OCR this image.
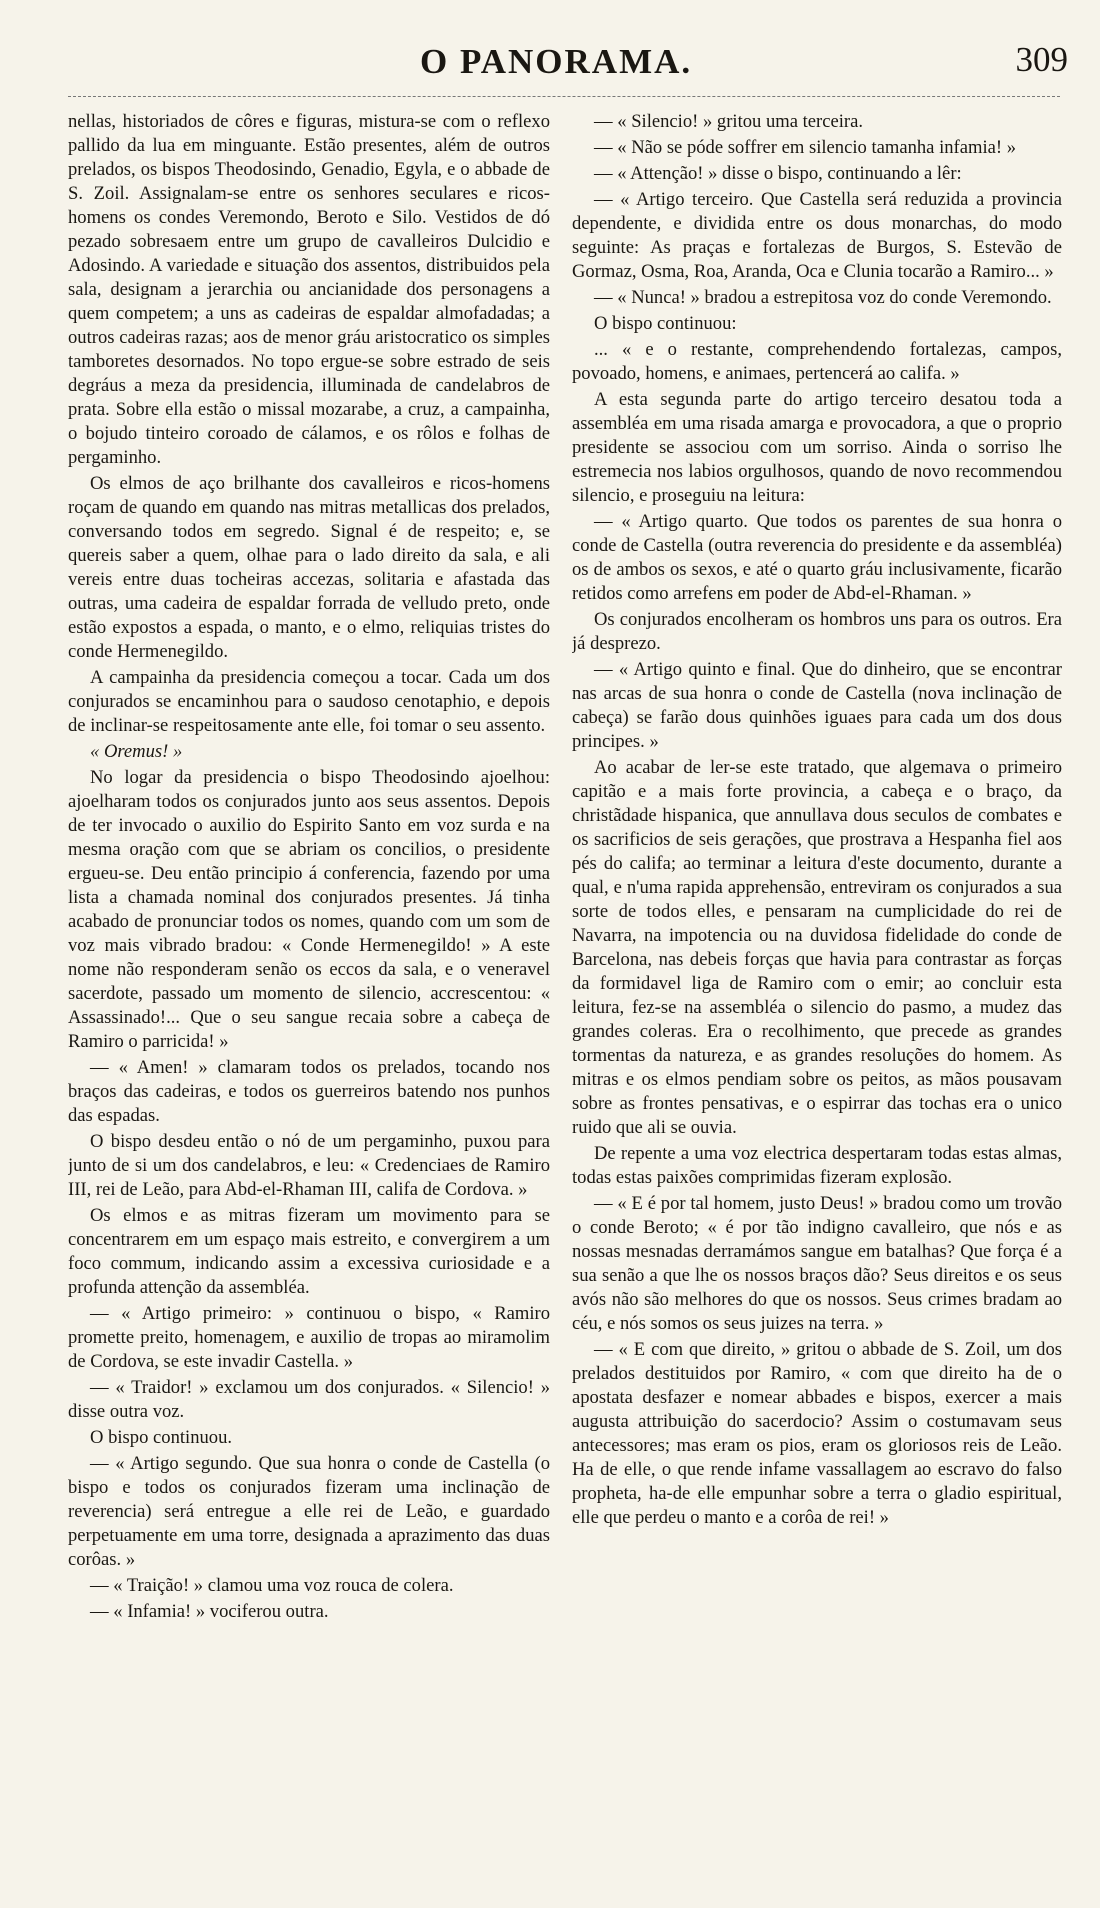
O PANORAMA.	309

nellas, historiados de côres e figuras, mistura-se com o reflexo pallido da lua em minguante. Estão presentes, além de outros prelados, os bispos Theodosindo, Genadio, Egyla, e o abbade de S. Zoil. Assignalam-se entre os senhores seculares e ricos-homens os condes Veremondo, Beroto e Silo. Vestidos de dó pezado sobresaem entre um grupo de cavalleiros Dulcidio e Adosindo. A variedade e situação dos assentos, distribuidos pela sala, designam a jerarchia ou ancianidade dos personagens a quem competem; a uns as cadeiras de espaldar almofadadas; a outros cadeiras razas; aos de menor gráu aristocratico os simples tamboretes desornados. No topo ergue-se sobre estrado de seis degráus a meza da presidencia, illuminada de candelabros de prata. Sobre ella estão o missal mozarabe, a cruz, a campainha, o bojudo tinteiro coroado de cálamos, e os rôlos e folhas de pergaminho.

Os elmos de aço brilhante dos cavalleiros e ricos-homens roçam de quando em quando nas mitras metallicas dos prelados, conversando todos em segredo. Signal é de respeito; e, se quereis saber a quem, olhae para o lado direito da sala, e ali vereis entre duas tocheiras accezas, solitaria e afastada das outras, uma cadeira de espaldar forrada de velludo preto, onde estão expostos a espada, o manto, e o elmo, reliquias tristes do conde Hermenegildo.

A campainha da presidencia começou a tocar. Cada um dos conjurados se encaminhou para o saudoso cenotaphio, e depois de inclinar-se respeitosamente ante elle, foi tomar o seu assento.

« Oremus! »

No logar da presidencia o bispo Theodosindo ajoelhou: ajoelharam todos os conjurados junto aos seus assentos. Depois de ter invocado o auxilio do Espirito Santo em voz surda e na mesma oração com que se abriam os concilios, o presidente ergueu-se. Deu então principio á conferencia, fazendo por uma lista a chamada nominal dos conjurados presentes. Já tinha acabado de pronunciar todos os nomes, quando com um som de voz mais vibrado bradou: « Conde Hermenegildo! » A este nome não responderam senão os eccos da sala, e o veneravel sacerdote, passado um momento de silencio, accrescentou: « Assassinado!... Que o seu sangue recaia sobre a cabeça de Ramiro o parricida! »

— « Amen! » clamaram todos os prelados, tocando nos braços das cadeiras, e todos os guerreiros batendo nos punhos das espadas.

O bispo desdeu então o nó de um pergaminho, puxou para junto de si um dos candelabros, e leu: « Credenciaes de Ramiro III, rei de Leão, para Abd-el-Rhaman III, califa de Cordova. »

Os elmos e as mitras fizeram um movimento para se concentrarem em um espaço mais estreito, e convergirem a um foco commum, indicando assim a excessiva curiosidade e a profunda attenção da assembléa.

— « Artigo primeiro: » continuou o bispo, « Ramiro promette preito, homenagem, e auxilio de tropas ao miramolim de Cordova, se este invadir Castella. »

— « Traidor! » exclamou um dos conjurados. « Silencio! » disse outra voz.

O bispo continuou.

— « Artigo segundo. Que sua honra o conde de Castella (o bispo e todos os conjurados fizeram uma inclinação de reverencia) será entregue a elle rei de Leão, e guardado perpetuamente em uma torre, designada a aprazimento das duas corôas. »

— « Traição! » clamou uma voz rouca de colera.

— « Infamia! » vociferou outra.

— « Silencio! » gritou uma terceira.

— « Não se póde soffrer em silencio tamanha infamia! »

— « Attenção! » disse o bispo, continuando a lêr:

— « Artigo terceiro. Que Castella será reduzida a provincia dependente, e dividida entre os dous monarchas, do modo seguinte: As praças e fortalezas de Burgos, S. Estevão de Gormaz, Osma, Roa, Aranda, Oca e Clunia tocarão a Ramiro... »

— « Nunca! » bradou a estrepitosa voz do conde Veremondo.

O bispo continuou:

... « e o restante, comprehendendo fortalezas, campos, povoado, homens, e animaes, pertencerá ao califa. »

A esta segunda parte do artigo terceiro desatou toda a assembléa em uma risada amarga e provocadora, a que o proprio presidente se associou com um sorriso. Ainda o sorriso lhe estremecia nos labios orgulhosos, quando de novo recommendou silencio, e proseguiu na leitura:

— « Artigo quarto. Que todos os parentes de sua honra o conde de Castella (outra reverencia do presidente e da assembléa) os de ambos os sexos, e até o quarto gráu inclusivamente, ficarão retidos como arrefens em poder de Abd-el-Rhaman. »

Os conjurados encolheram os hombros uns para os outros. Era já desprezo.

— « Artigo quinto e final. Que do dinheiro, que se encontrar nas arcas de sua honra o conde de Castella (nova inclinação de cabeça) se farão dous quinhões iguaes para cada um dos dous principes. »

Ao acabar de ler-se este tratado, que algemava o primeiro capitão e a mais forte provincia, a cabeça e o braço, da christãdade hispanica, que annullava dous seculos de combates e os sacrificios de seis gerações, que prostrava a Hespanha fiel aos pés do califa; ao terminar a leitura d'este documento, durante a qual, e n'uma rapida apprehensão, entreviram os conjurados a sua sorte de todos elles, e pensaram na cumplicidade do rei de Navarra, na impotencia ou na duvidosa fidelidade do conde de Barcelona, nas debeis forças que havia para contrastar as forças da formidavel liga de Ramiro com o emir; ao concluir esta leitura, fez-se na assembléa o silencio do pasmo, a mudez das grandes coleras. Era o recolhimento, que precede as grandes tormentas da natureza, e as grandes resoluções do homem. As mitras e os elmos pendiam sobre os peitos, as mãos pousavam sobre as frontes pensativas, e o espirrar das tochas era o unico ruido que ali se ouvia.

De repente a uma voz electrica despertaram todas estas almas, todas estas paixões comprimidas fizeram explosão.

— « E é por tal homem, justo Deus! » bradou como um trovão o conde Beroto; « é por tão indigno cavalleiro, que nós e as nossas mesnadas derramámos sangue em batalhas? Que força é a sua senão a que lhe os nossos braços dão? Seus direitos e os seus avós não são melhores do que os nossos. Seus crimes bradam ao céu, e nós somos os seus juizes na terra. »

— « E com que direito, » gritou o abbade de S. Zoil, um dos prelados destituidos por Ramiro, « com que direito ha de o apostata desfazer e nomear abbades e bispos, exercer a mais augusta attribuição do sacerdocio? Assim o costumavam seus antecessores; mas eram os pios, eram os gloriosos reis de Leão. Ha de elle, o que rende infame vassallagem ao escravo do falso propheta, ha-de elle empunhar sobre a terra o gladio espiritual, elle que perdeu o manto e a corôa de rei! »
